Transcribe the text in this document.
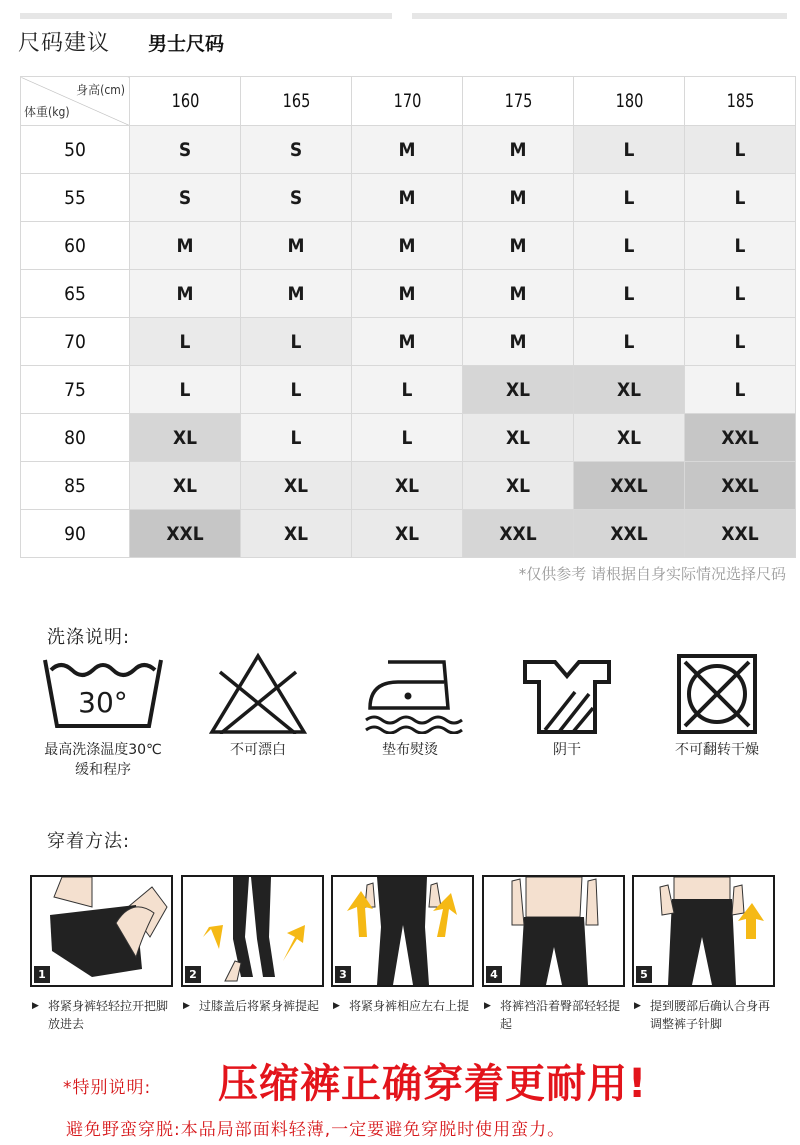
尺码建议 男士尺码
身高(cm)
体重(kg)	160	165	170	175	180	185
50	S	S	M	M	L	L
55	S	S	M	M	L	L
60	M	M	M	M	L	L
65	M	M	M	M	L	L
70	L	L	M	M	L	L
75	L	L	L	XL	XL	L
80	XL	L	L	XL	XL	XXL
85	XL	XL	XL	XL	XXL	XXL
90	XXL	XL	XL	XXL	XXL	XXL
*仅供参考 请根据自身实际情况选择尺码
洗涤说明:
30°
最高洗涤温度30℃
缓和程序
不可漂白	垫布熨烫	阴干	不可翻转干燥
穿着方法:
1
▶ 将紧身裤轻轻拉开把脚放进去
2
▶ 过膝盖后将紧身裤提起
3
▶ 将紧身裤相应左右上提
4
▶ 将裤裆沿着臀部轻轻提起
5
▶ 提到腰部后确认合身再调整裤子针脚
*特别说明: 压缩裤正确穿着更耐用!
避免野蛮穿脱:本品局部面料轻薄,一定要避免穿脱时使用蛮力。
